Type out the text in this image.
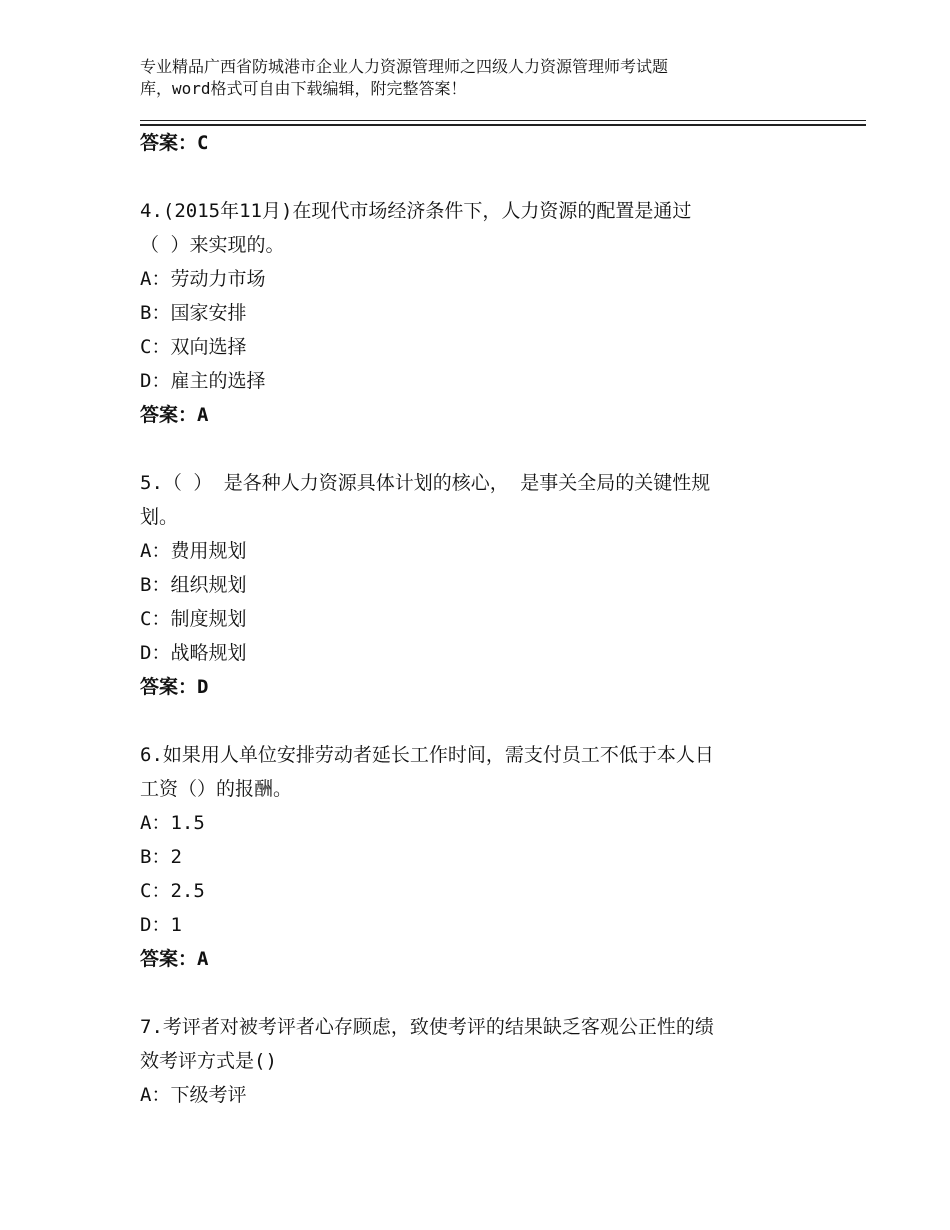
专业精品广西省防城港市企业人力资源管理师之四级人力资源管理师考试题
库，word格式可自由下载编辑，附完整答案！
答案：C
4.(2015年11月)在现代市场经济条件下，人力资源的配置是通过
（ ）来实现的。
A：劳动力市场
B：国家安排
C：双向选择
D：雇主的选择
答案：A
5.（ ） 是各种人力资源具体计划的核心， 是事关全局的关键性规
划。
A：费用规划
B：组织规划
C：制度规划
D：战略规划
答案：D
6.如果用人单位安排劳动者延长工作时间，需支付员工不低于本人日
工资（）的报酬。
A：1.5
B：2
C：2.5
D：1
答案：A
7.考评者对被考评者心存顾虑，致使考评的结果缺乏客观公正性的绩
效考评方式是()
A：下级考评
